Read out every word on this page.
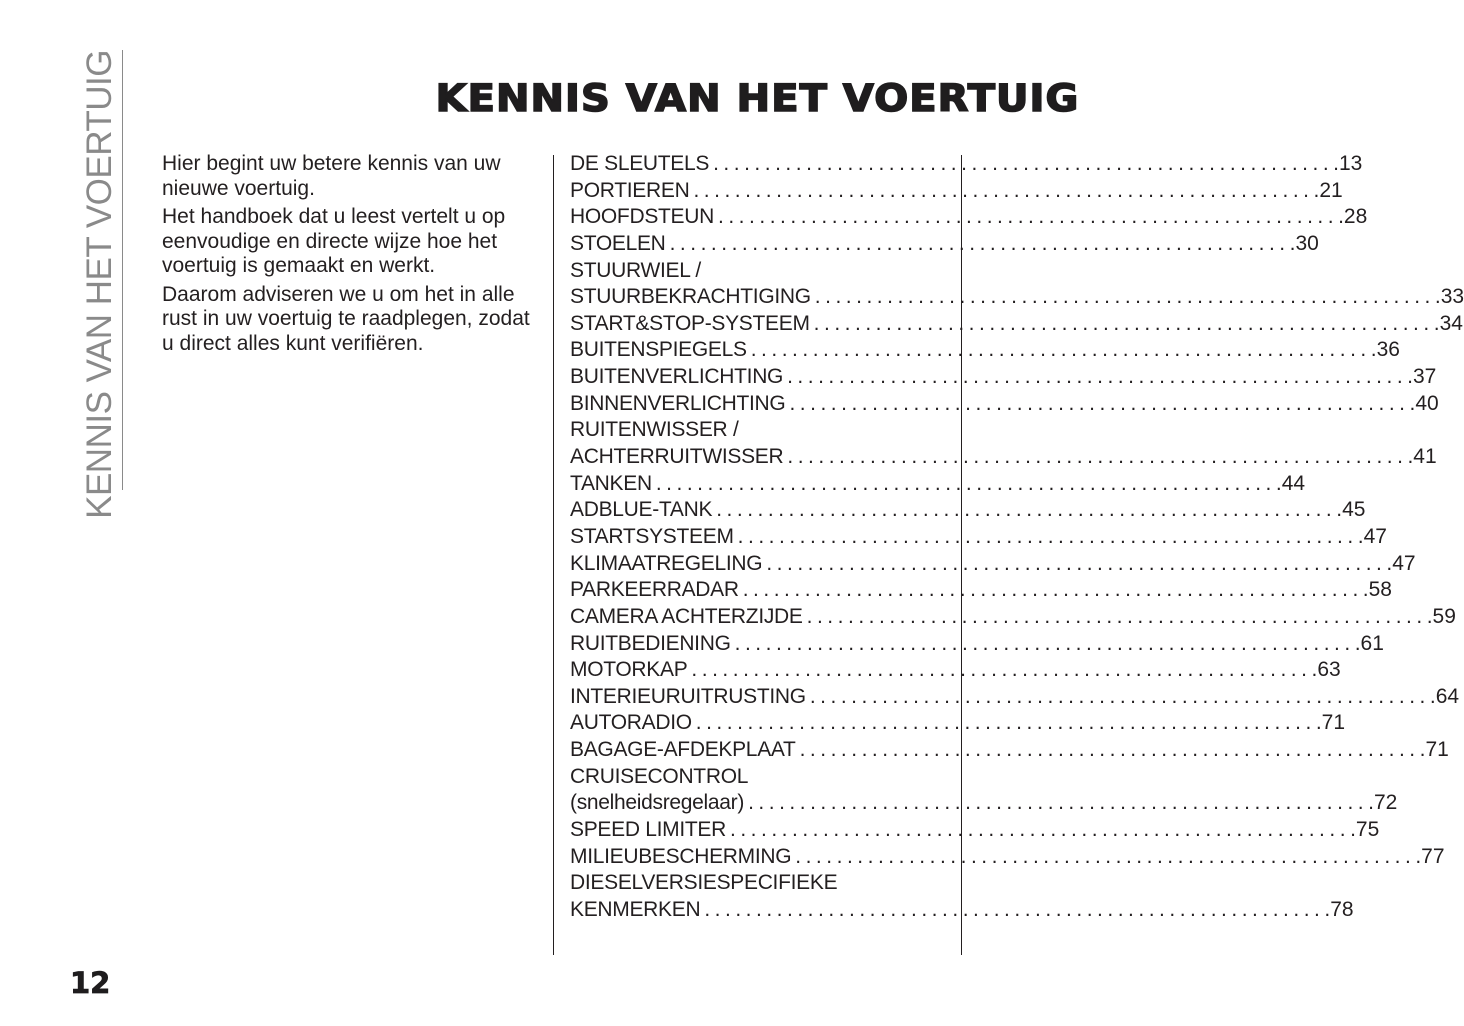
KENNIS VAN HET VOERTUIG	KENNIS VAN HET VOERTUIG

Hier begint uw betere kennis van uw nieuwe voertuig.

Het handboek dat u leest vertelt u op eenvoudige en directe wijze hoe het voertuig is gemaakt en werkt.

Daarom adviseren we u om het in alle rust in uw voertuig te raadplegen, zodat u direct alles kunt verifiëren.

DE SLEUTELS ............................................................ .13
PORTIEREN ............................................................ .21
HOOFDSTEUN ............................................................ .28
STOELEN ............................................................ .30
STUURWIEL /
STUURBEKRACHTIGING ............................................................ .33
START&STOP-SYSTEEM ............................................................ .34
BUITENSPIEGELS ............................................................ .36
BUITENVERLICHTING ............................................................ .37
BINNENVERLICHTING ............................................................ .40
RUITENWISSER /
ACHTERRUITWISSER ............................................................ .41
TANKEN ............................................................ .44
ADBLUE-TANK ............................................................ .45
STARTSYSTEEM ............................................................ .47
KLIMAATREGELING ............................................................ .47
PARKEERRADAR ............................................................ .58
CAMERA ACHTERZIJDE ............................................................ .59
RUITBEDIENING ............................................................ .61
MOTORKAP ............................................................ .63
INTERIEURUITRUSTING ............................................................ .64
AUTORADIO ............................................................ .71
BAGAGE-AFDEKPLAAT ............................................................ .71
CRUISECONTROL
(snelheidsregelaar) ............................................................ .72
SPEED LIMITER ............................................................ .75
MILIEUBESCHERMING ............................................................ .77
DIESELVERSIESPECIFIEKE
KENMERKEN ............................................................ .78
12
